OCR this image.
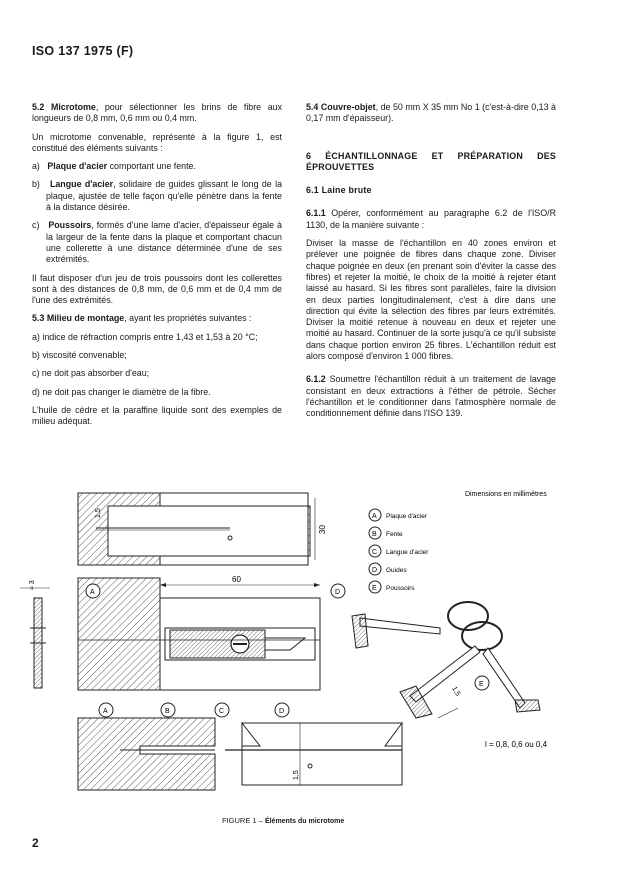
ISO 137 1975 (F)

5.2 Microtome, pour sélectionner les brins de fibre aux longueurs de 0,8 mm, 0,6 mm ou 0,4 mm.

Un microtome convenable, représenté à la figure 1, est constitué des éléments suivants :

a) Plaque d'acier comportant une fente.

b) Langue d'acier, solidaire de guides glissant le long de la plaque, ajustée de telle façon qu'elle pénètre dans la fente à la distance désirée.

c) Poussoirs, formés d'une lame d'acier, d'épaisseur égale à la largeur de la fente dans la plaque et comportant chacun une collerette à une distance déterminée d'une de ses extrémités.

Il faut disposer d'un jeu de trois poussoirs dont les collerettes sont à des distances de 0,8 mm, de 0,6 mm et de 0,4 mm de l'une des extrémités.

5.3 Milieu de montage, ayant les propriétés suivantes :

a) indice de réfraction compris entre 1,43 et 1,53 à 20 °C;

b) viscosité convenable;

c) ne doit pas absorber d'eau;

d) ne doit pas changer le diamètre de la fibre.

L'huile de cèdre et la paraffine liquide sont des exemples de milieu adéquat.

5.4 Couvre-objet, de 50 mm X 35 mm No 1 (c'est-à-dire 0,13 à 0,17 mm d'épaisseur).

6 ÉCHANTILLONNAGE ET PRÉPARATION DES ÉPROUVETTES

6.1 Laine brute

6.1.1 Opérer, conformément au paragraphe 6.2 de l'ISO/R 1130, de la manière suivante :

Diviser la masse de l'échantillon en 40 zones environ et prélever une poignée de fibres dans chaque zone. Diviser chaque poignée en deux (en prenant soin d'éviter la casse des fibres) et rejeter la moitié, le choix de la moitié à rejeter étant laissé au hasard. Si les fibres sont parallèles, faire la division en deux parties longitudinalement, c'est à dire dans une direction qui évite la sélection des fibres par leurs extrémités. Diviser la moitié retenue à nouveau en deux et rejeter une moitié au hasard. Continuer de la sorte jusqu'à ce qu'il subsiste dans chaque portion environ 25 fibres. L'échantillon réduit est alors composé d'environ 1 000 fibres.

6.1.2 Soumettre l'échantillon réduit à un traitement de lavage consistant en deux extractions à l'éther de pétrole. Sécher l'échantillon et le conditionner dans l'atmosphère normale de conditionnement définie dans l'ISO 139.

Dimensions en millimètres
A Plaque d'acier
B Fente
C Langue d'acier
D Guides
E Poussoirs
30
1,5
60
≈ 3
A	D
1,5
A	B	C	D
1,5
E
l = 0,8, 0,6 ou 0,4
FIGURE 1 – Éléments du microtome
2
